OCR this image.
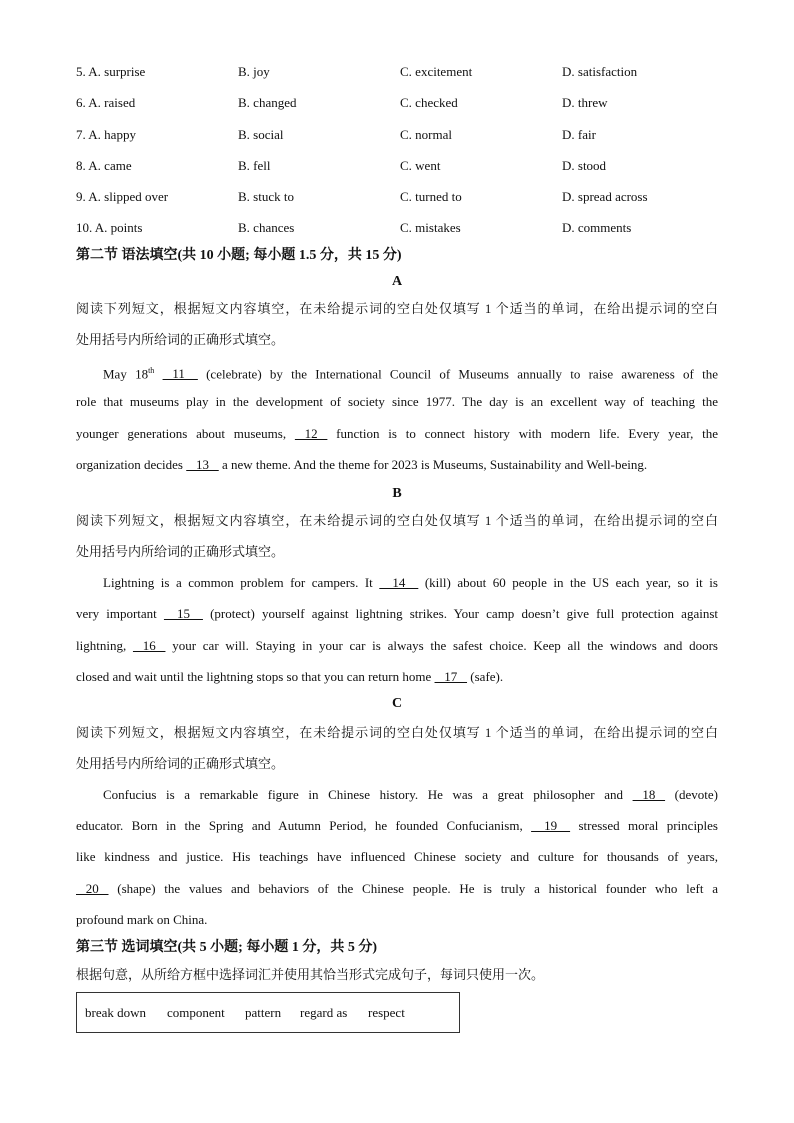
5. A. surprise	B. joy	C. excitement	D. satisfaction
6. A. raised	B. changed	C. checked	D. threw
7. A. happy	B. social	C. normal	D. fair
8. A. came	B. fell	C. went	D. stood
9. A. slipped over	B. stuck to	C. turned to	D. spread across
10. A. points	B. chances	C. mistakes	D. comments
第二节 语法填空(共 10 小题; 每小题 1.5 分，共 15 分)
A
阅读下列短文，根据短文内容填空，在未给提示词的空白处仅填写 1 个适当的单词，在给出提示词的空白
处用括号内所给词的正确形式填空。
May 18th    11     (celebrate) by the International Council of Museums annually to raise awareness of the
role that museums play in the development of society since 1977. The day is an excellent way of teaching the
younger generations about museums,    12    function is to connect history with modern life. Every year, the
organization decides    13    a new theme. And the theme for 2023 is Museums, Sustainability and Well-being.
B
阅读下列短文，根据短文内容填空，在未给提示词的空白处仅填写 1 个适当的单词，在给出提示词的空白
处用括号内所给词的正确形式填空。
Lightning is a common problem for campers. It     14     (kill) about 60 people in the US each year, so it is
very important     15     (protect) yourself against lightning strikes. Your camp doesn’t give full protection against
lightning,    16    your car will. Staying in your car is always the safest choice. Keep all the windows and doors
closed and wait until the lightning stops so that you can return home    17    (safe).
C
阅读下列短文，根据短文内容填空，在未给提示词的空白处仅填写 1 个适当的单词，在给出提示词的空白
处用括号内所给词的正确形式填空。
Confucius is a remarkable figure in Chinese history. He was a great philosopher and    18    (devote)
educator. Born in the Spring and Autumn Period, he founded Confucianism,     19     stressed moral principles
like kindness and justice. His teachings have influenced Chinese society and culture for thousands of years,
20    (shape) the values and behaviors of the Chinese people. He is truly a historical founder who left a
profound mark on China.
第三节 选词填空(共 5 小题; 每小题 1 分，共 5 分)
根据句意，从所给方框中选择词汇并使用其恰当形式完成句子，每词只使用一次。
break down component pattern regard as respect
